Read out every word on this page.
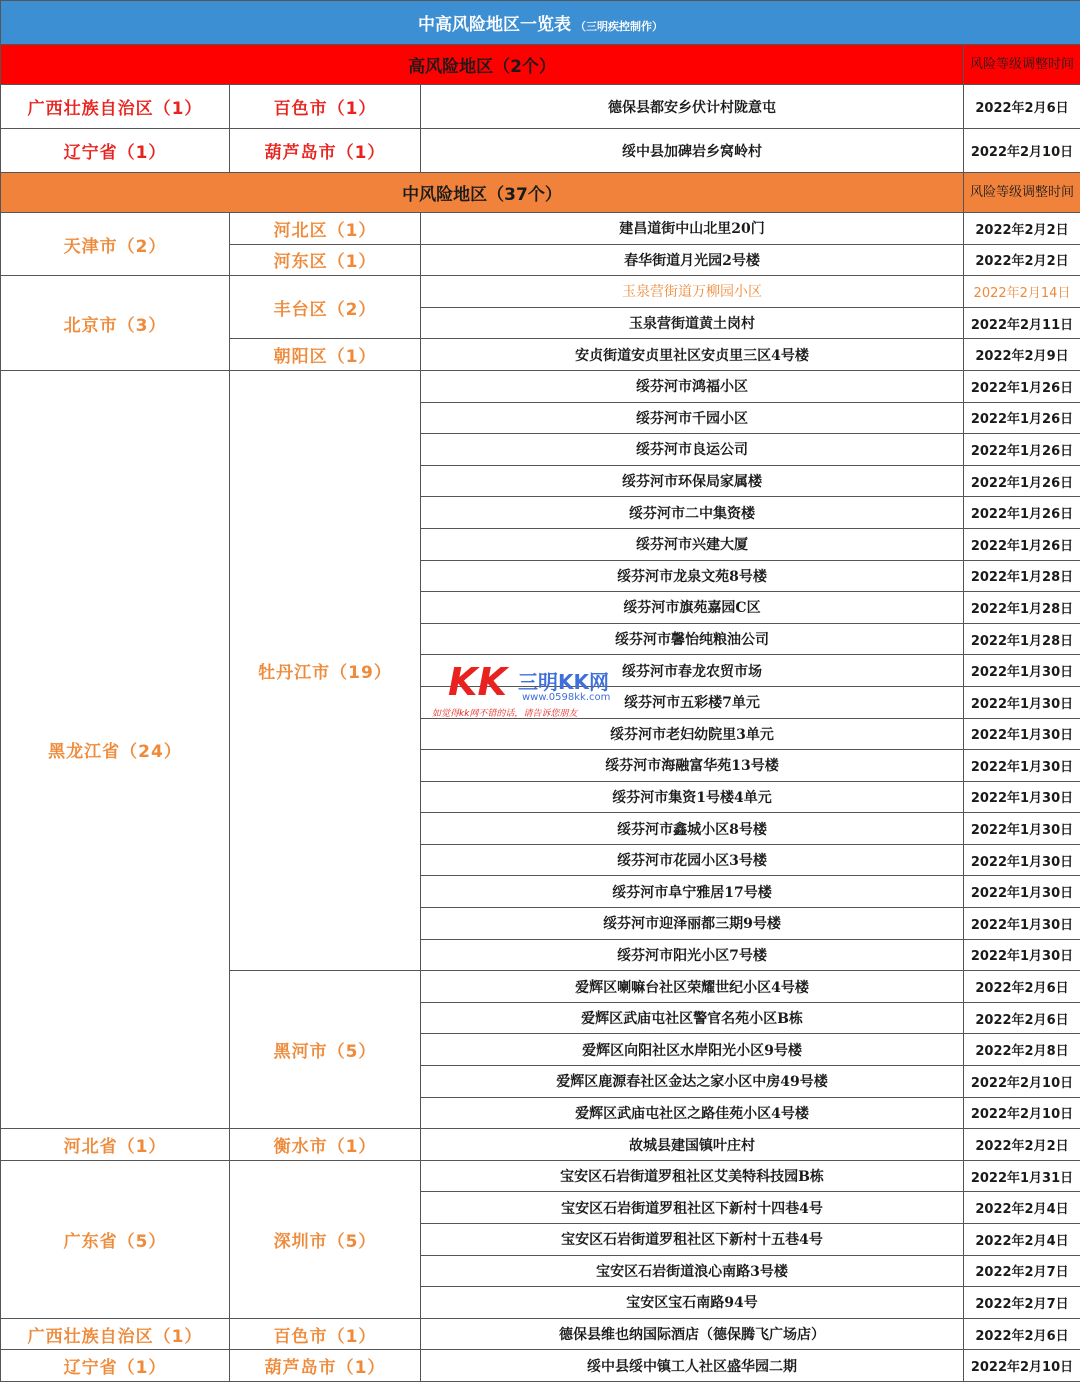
中高风险地区一览表 （三明疾控制作）			
高风险地区（2个）			风险等级调整时间
广西壮族自治区（1）	百色市（1）	德保县都安乡伏计村陇意屯	2022年2月6日
辽宁省（1）	葫芦岛市（1）	绥中县加碑岩乡窝岭村	2022年2月10日
中风险地区（37个）			风险等级调整时间
天津市（2）	河北区（1）	建昌道街中山北里20门	2022年2月2日
	河东区（1）	春华街道月光园2号楼	2022年2月2日
北京市（3）	丰台区（2）	玉泉营街道万柳园小区	2022年2月14日
		玉泉营街道黄土岗村	2022年2月11日
	朝阳区（1）	安贞街道安贞里社区安贞里三区4号楼	2022年2月9日
黑龙江省（24）	牡丹江市（19）	绥芬河市鸿福小区	2022年1月26日
		绥芬河市千园小区	2022年1月26日
		绥芬河市良运公司	2022年1月26日
		绥芬河市环保局家属楼	2022年1月26日
		绥芬河市二中集资楼	2022年1月26日
		绥芬河市兴建大厦	2022年1月26日
		绥芬河市龙泉文苑8号楼	2022年1月28日
		绥芬河市旗苑嘉园C区	2022年1月28日
		绥芬河市馨怡纯粮油公司	2022年1月28日
		绥芬河市春龙农贸市场	2022年1月30日
		绥芬河市五彩楼7单元	2022年1月30日
		绥芬河市老妇幼院里3单元	2022年1月30日
		绥芬河市海融富华苑13号楼	2022年1月30日
		绥芬河市集资1号楼4单元	2022年1月30日
		绥芬河市鑫城小区8号楼	2022年1月30日
		绥芬河市花园小区3号楼	2022年1月30日
		绥芬河市阜宁雅居17号楼	2022年1月30日
		绥芬河市迎泽丽都三期9号楼	2022年1月30日
		绥芬河市阳光小区7号楼	2022年1月30日
	黑河市（5）	爱辉区喇嘛台社区荣耀世纪小区4号楼	2022年2月6日
		爱辉区武庙屯社区警官名苑小区B栋	2022年2月6日
		爱辉区向阳社区水岸阳光小区9号楼	2022年2月8日
		爱辉区鹿源春社区金达之家小区中房49号楼	2022年2月10日
		爱辉区武庙屯社区之路佳苑小区4号楼	2022年2月10日
河北省（1）	衡水市（1）	故城县建国镇叶庄村	2022年2月2日
广东省（5）	深圳市（5）	宝安区石岩街道罗租社区艾美特科技园B栋	2022年1月31日
		宝安区石岩街道罗租社区下新村十四巷4号	2022年2月4日
		宝安区石岩街道罗租社区下新村十五巷4号	2022年2月4日
		宝安区石岩街道浪心南路3号楼	2022年2月7日
		宝安区宝石南路94号	2022年2月7日
广西壮族自治区（1）	百色市（1）	德保县维也纳国际酒店（德保腾飞广场店）	2022年2月6日
辽宁省（1）	葫芦岛市（1）	绥中县绥中镇工人社区盛华园二期	2022年2月10日
KK 三明KK网
www.0598kk.com
如觉得kk网不错的话，请告诉您朋友
